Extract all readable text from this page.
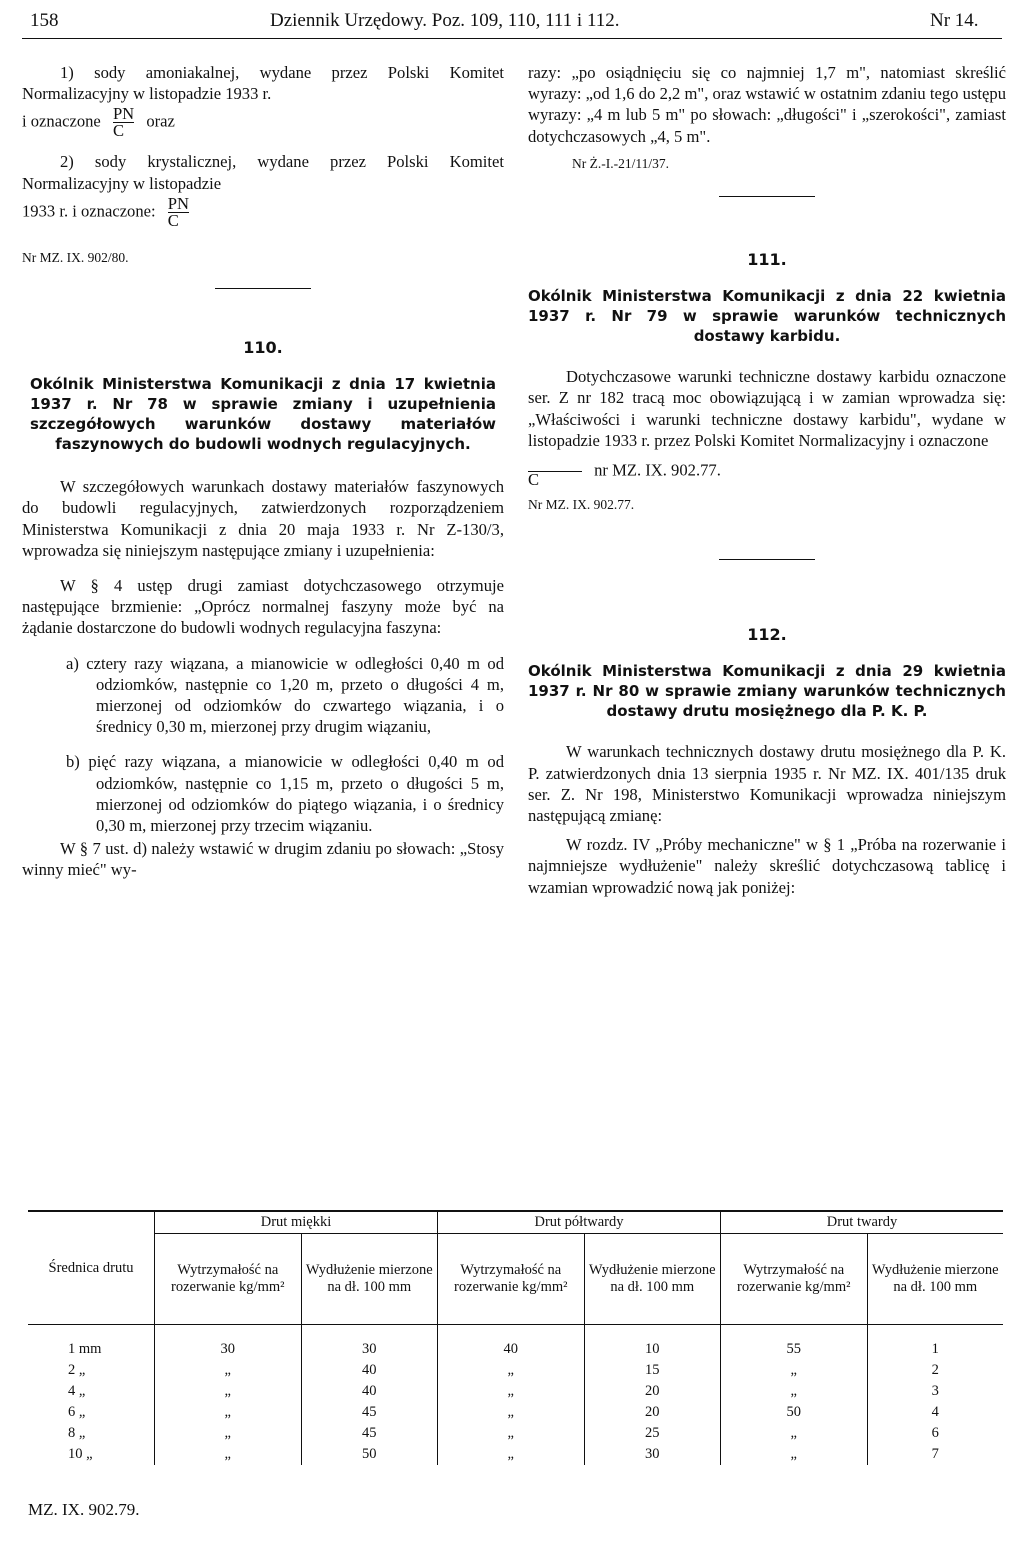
158	Dziennik Urzędowy. Poz. 109, 110, 111 i 112.	Nr 14.

1) sody amoniakalnej, wydane przez Polski Komitet Normalizacyjny w listopadzie 1933 r.

i oznaczone $\frac{PN}{C}$ oraz

2) sody krystalicznej, wydane przez Polski Komitet Normalizacyjny w listopadzie

1933 r. i oznaczone: $\frac{PN}{C}$

Nr MZ. IX. 902/80.

110.

Okólnik Ministerstwa Komunikacji z dnia 17 kwietnia 1937 r. Nr 78 w sprawie zmiany i uzupełnienia szczegółowych warunków dostawy materiałów faszynowych do budowli wodnych regulacyjnych.

W szczegółowych warunkach dostawy materiałów faszynowych do budowli regulacyjnych, zatwierdzonych rozporządzeniem Ministerstwa Komunikacji z dnia 20 maja 1933 r. Nr Z-130/3, wprowadza się niniejszym następujące zmiany i uzupełnienia:

W § 4 ustęp drugi zamiast dotychczasowego otrzymuje następujące brzmienie: „Oprócz normalnej faszyny może być na żądanie dostarczone do budowli wodnych regulacyjna faszyna:

a) cztery razy wiązana, a mianowicie w odległości 0,40 m od odziomków, następnie co 1,20 m, przeto o długości 4 m, mierzonej od odziomków do czwartego wiązania, i o średnicy 0,30 m, mierzonej przy drugim wiązaniu,

b) pięć razy wiązana, a mianowicie w odległości 0,40 m od odziomków, następnie co 1,15 m, przeto o długości 5 m, mierzonej od odziomków do piątego wiązania, i o średnicy 0,30 m, mierzonej przy trzecim wiązaniu.

W § 7 ust. d) należy wstawić w drugim zdaniu po słowach: „Stosy winny mieć" wy-

razy: „po osiądnięciu się co najmniej 1,7 m", natomiast skreślić wyrazy: „od 1,6 do 2,2 m", oraz wstawić w ostatnim zdaniu tego ustępu wyrazy: „4 m lub 5 m" po słowach: „długości" i „szerokości", zamiast dotychczasowych „4, 5 m".

Nr Ż.-I.-21/11/37.

111.

Okólnik Ministerstwa Komunikacji z dnia 22 kwietnia 1937 r. Nr 79 w sprawie warunków technicznych dostawy karbidu.

Dotychczasowe warunki techniczne dostawy karbidu oznaczone ser. Z nr 182 tracą moc obowiązującą i w zamian wprowadza się: „Właściwości i warunki techniczne dostawy karbidu", wydane w listopadzie 1933 r. przez Polski Komitet Normalizacyjny i oznaczone

C
nr MZ. IX. 902.77.

Nr MZ. IX. 902.77.

112.

Okólnik Ministerstwa Komunikacji z dnia 29 kwietnia 1937 r. Nr 80 w sprawie zmiany warunków technicznych dostawy drutu mosiężnego dla P. K. P.

W warunkach technicznych dostawy drutu mosiężnego dla P. K. P. zatwierdzonych dnia 13 sierpnia 1935 r. Nr MZ. IX. 401/135 druk ser. Z. Nr 198, Ministerstwo Komunikacji wprowadza niniejszym następującą zmianę:

W rozdz. IV „Próby mechaniczne" w § 1 „Próba na rozerwanie i najmniejsze wydłużenie" należy skreślić dotychczasową tablicę i wzamian wprowadzić nową jak poniżej:

Średnica drutu	Drut miękki		Drut półtwardy		Drut twardy	
	Wytrzymałość na rozerwanie kg/mm²	Wydłużenie mierzone na dł. 100 mm	Wytrzymałość na rozerwanie kg/mm²	Wydłużenie mierzone na dł. 100 mm	Wytrzymałość na rozerwanie kg/mm²	Wydłużenie mierzone na dł. 100 mm
1 mm	30	30	40	10	55	1
2 „	„	40	„	15	„	2
4 „	„	40	„	20	„	3
6 „	„	45	„	20	50	4
8 „	„	45	„	25	„	6
10 „	„	50	„	30	„	7
MZ. IX. 902.79.
